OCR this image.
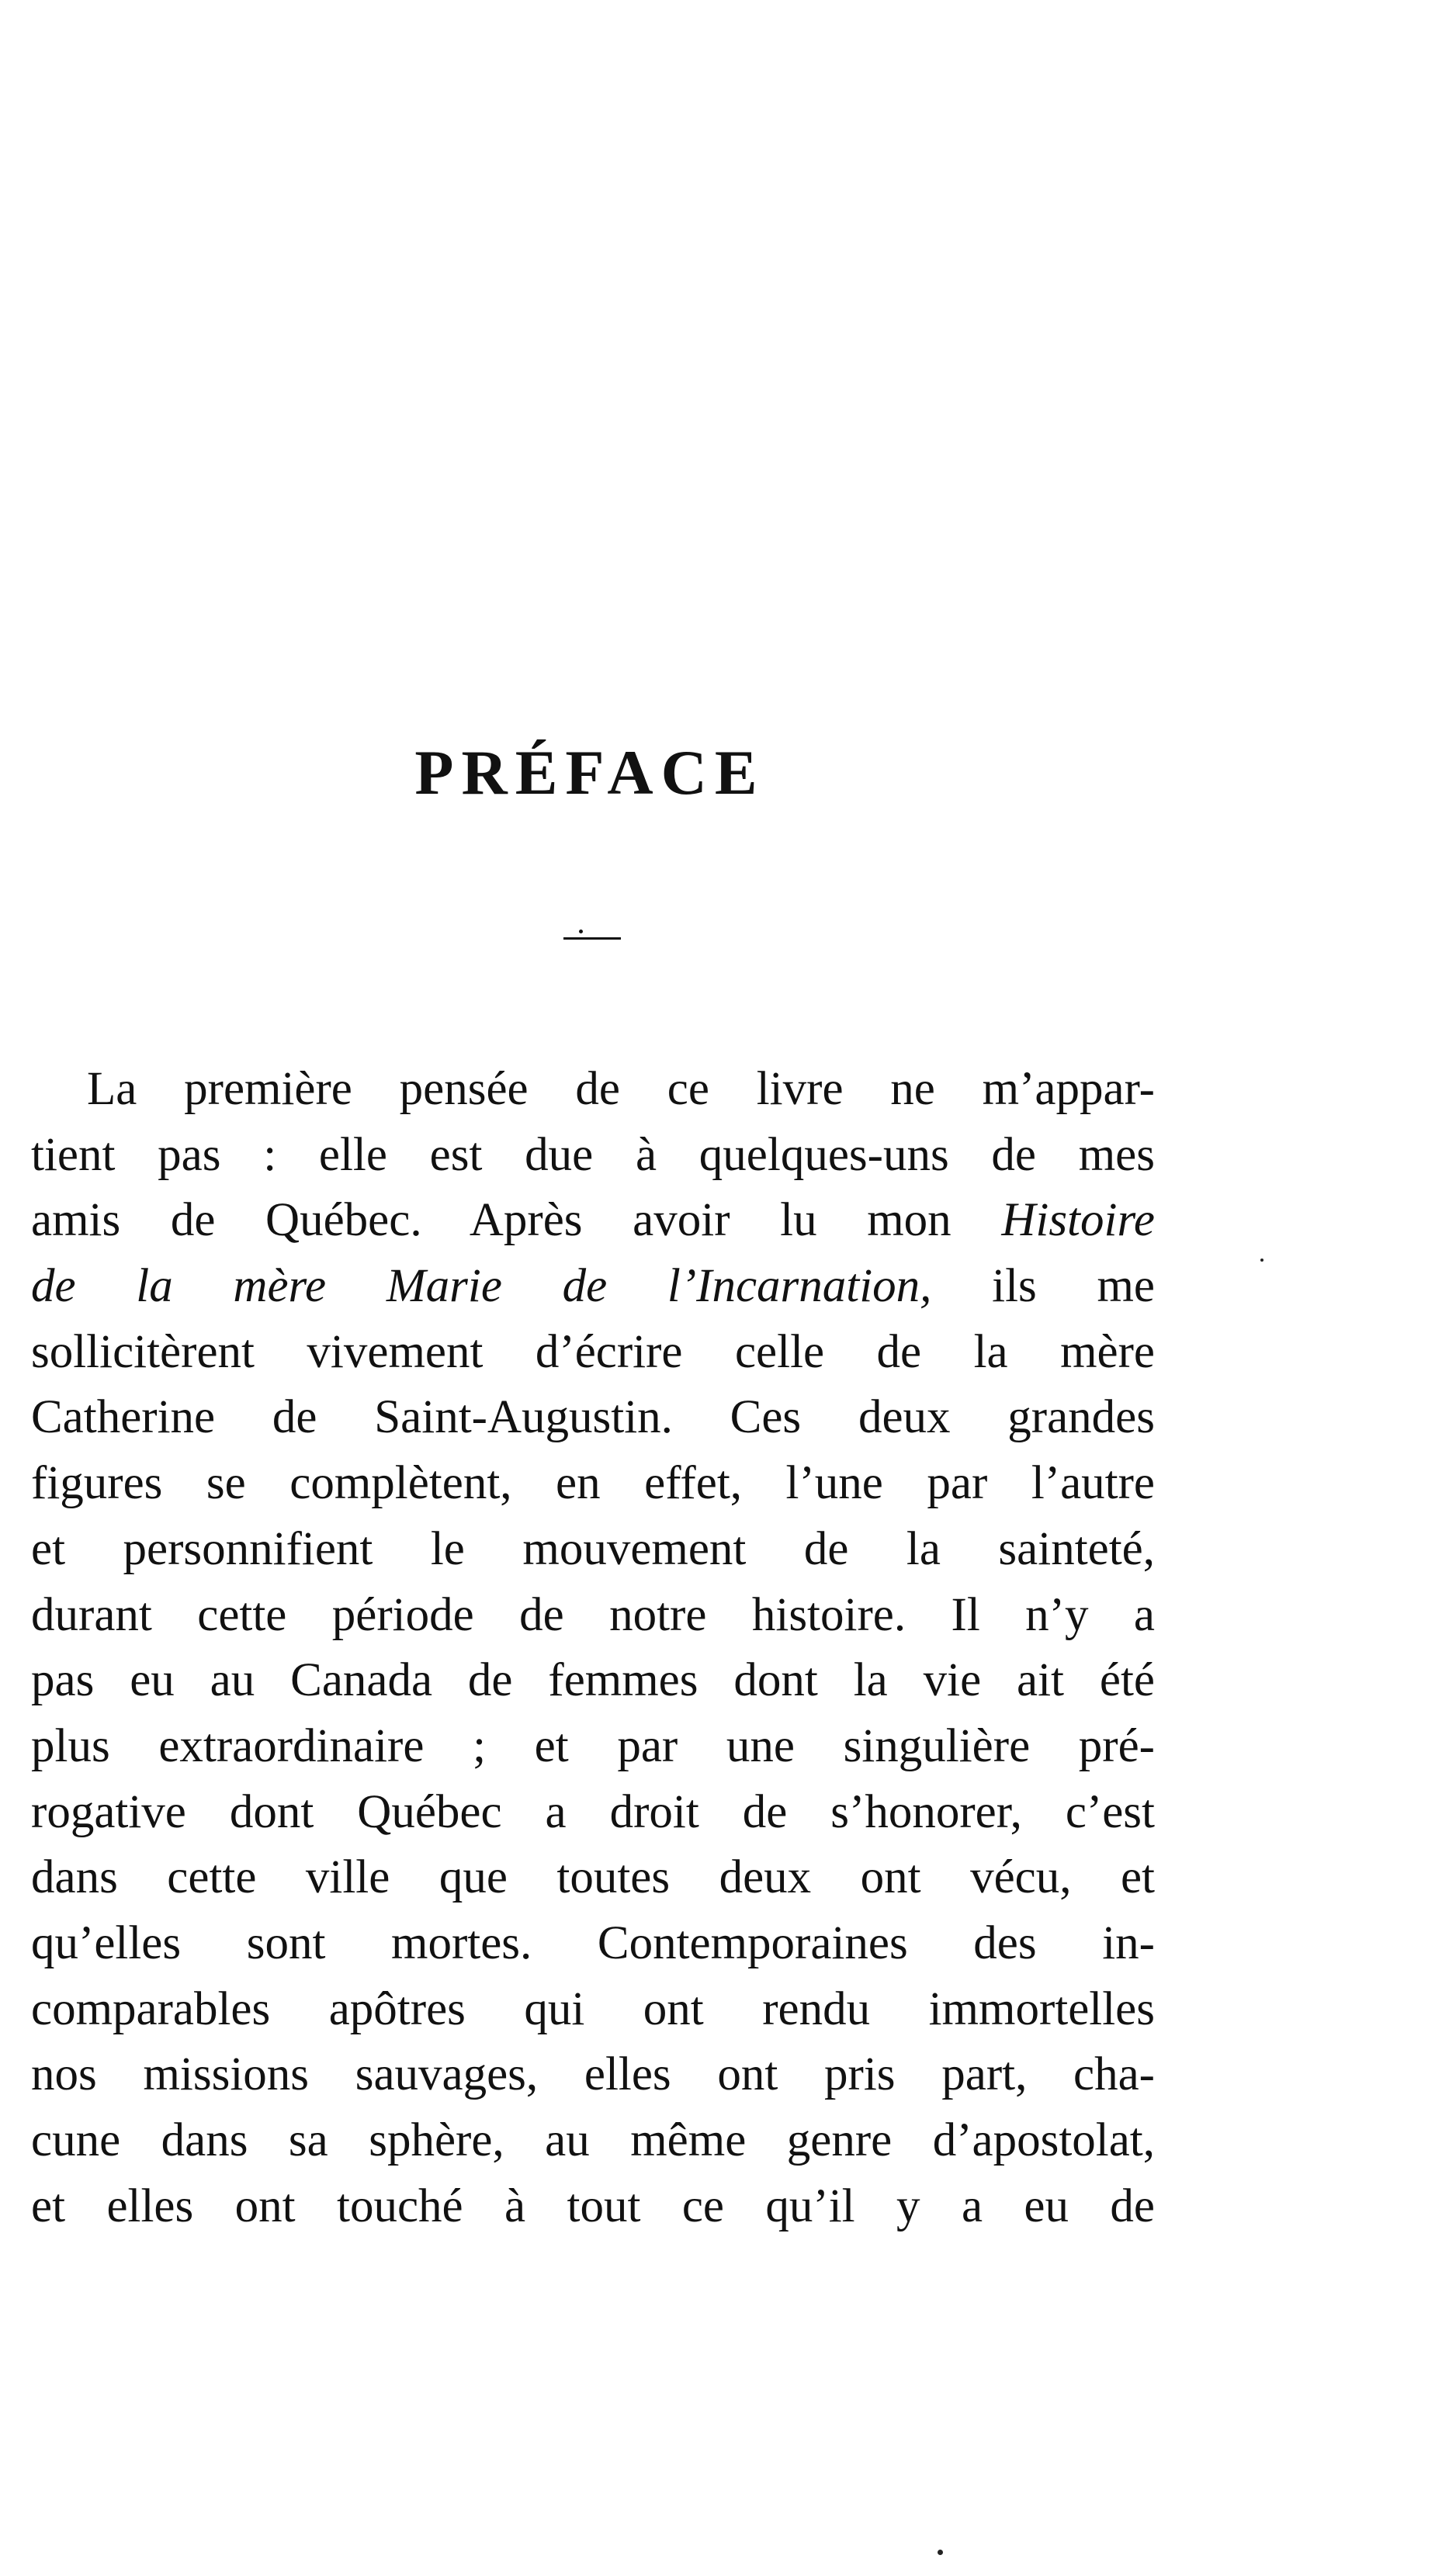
PRÉFACE
La première pensée de ce livre ne m’appar-
tient pas : elle est due à quelques-uns de mes
amis de Québec. Après avoir lu mon Histoire
de la mère Marie de l’Incarnation, ils me
sollicitèrent vivement d’écrire celle de la mère
Catherine de Saint-Augustin. Ces deux grandes
figures se complètent, en effet, l’une par l’autre
et personnifient le mouvement de la sainteté,
durant cette période de notre histoire. Il n’y a
pas eu au Canada de femmes dont la vie ait été
plus extraordinaire ; et par une singulière pré-
rogative dont Québec a droit de s’honorer, c’est
dans cette ville que toutes deux ont vécu, et
qu’elles sont mortes. Contemporaines des in-
comparables apôtres qui ont rendu immortelles
nos missions sauvages, elles ont pris part, cha-
cune dans sa sphère, au même genre d’apostolat,
et elles ont touché à tout ce qu’il y a eu de
